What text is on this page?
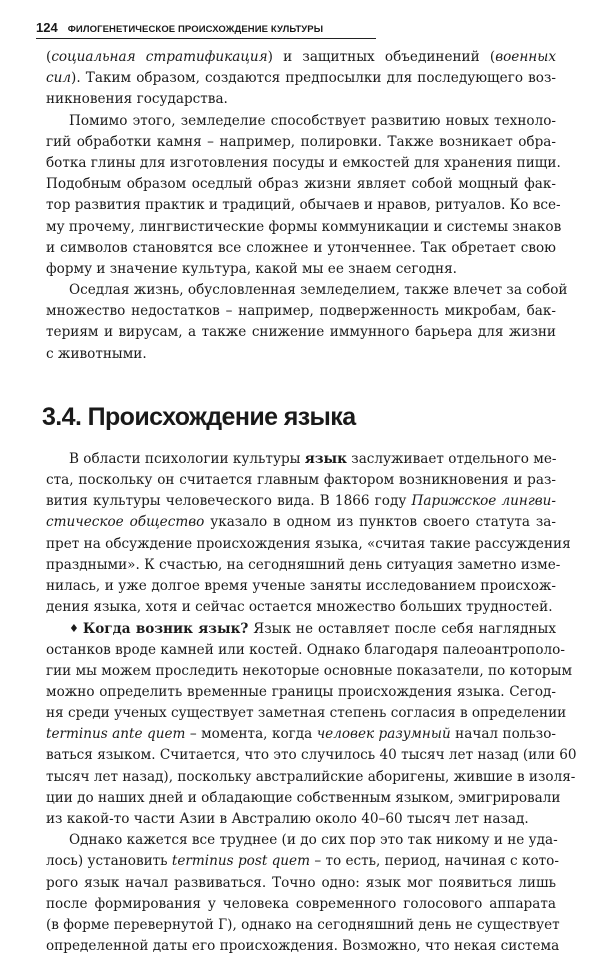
124 ФИЛОГЕНЕТИЧЕСКОЕ ПРОИСХОЖДЕНИЕ КУЛЬТУРЫ
(социальная стратификация) и защитных объединений (военных
сил). Таким образом, создаются предпосылки для последующего воз-
никновения государства.
Помимо этого, земледелие способствует развитию новых техноло-
гий обработки камня – например, полировки. Также возникает обра-
ботка глины для изготовления посуды и емкостей для хранения пищи.
Подобным образом оседлый образ жизни являет собой мощный фак-
тор развития практик и традиций, обычаев и нравов, ритуалов. Ко все-
му прочему, лингвистические формы коммуникации и системы знаков
и символов становятся все сложнее и утонченнее. Так обретает свою
форму и значение культура, какой мы ее знаем сегодня.
Оседлая жизнь, обусловленная земледелием, также влечет за собой
множество недостатков – например, подверженность микробам, бак-
териям и вирусам, а также снижение иммунного барьера для жизни
с животными.
3.4. Происхождение языка
В области психологии культуры язык заслуживает отдельного ме-
ста, поскольку он считается главным фактором возникновения и раз-
вития культуры человеческого вида. В 1866 году Парижское лингви-
стическое общество указало в одном из пунктов своего статута за-
прет на обсуждение происхождения языка, «считая такие рассуждения
праздными». К счастью, на сегодняшний день ситуация заметно изме-
нилась, и уже долгое время ученые заняты исследованием происхож-
дения языка, хотя и сейчас остается множество больших трудностей.
♦ Когда возник язык? Язык не оставляет после себя наглядных
останков вроде камней или костей. Однако благодаря палеоантрополо-
гии мы можем проследить некоторые основные показатели, по которым
можно определить временные границы происхождения языка. Сегод-
ня среди ученых существует заметная степень согласия в определении
terminus ante quem – момента, когда человек разумный начал пользо-
ваться языком. Считается, что это случилось 40 тысяч лет назад (или 60
тысяч лет назад), поскольку австралийские аборигены, жившие в изоля-
ции до наших дней и обладающие собственным языком, эмигрировали
из какой-то части Азии в Австралию около 40–60 тысяч лет назад.
Однако кажется все труднее (и до сих пор это так никому и не уда-
лось) установить terminus post quem – то есть, период, начиная с кото-
рого язык начал развиваться. Точно одно: язык мог появиться лишь
после формирования у человека современного голосового аппарата
(в форме перевернутой Г), однако на сегодняшний день не существует
определенной даты его происхождения. Возможно, что некая система
